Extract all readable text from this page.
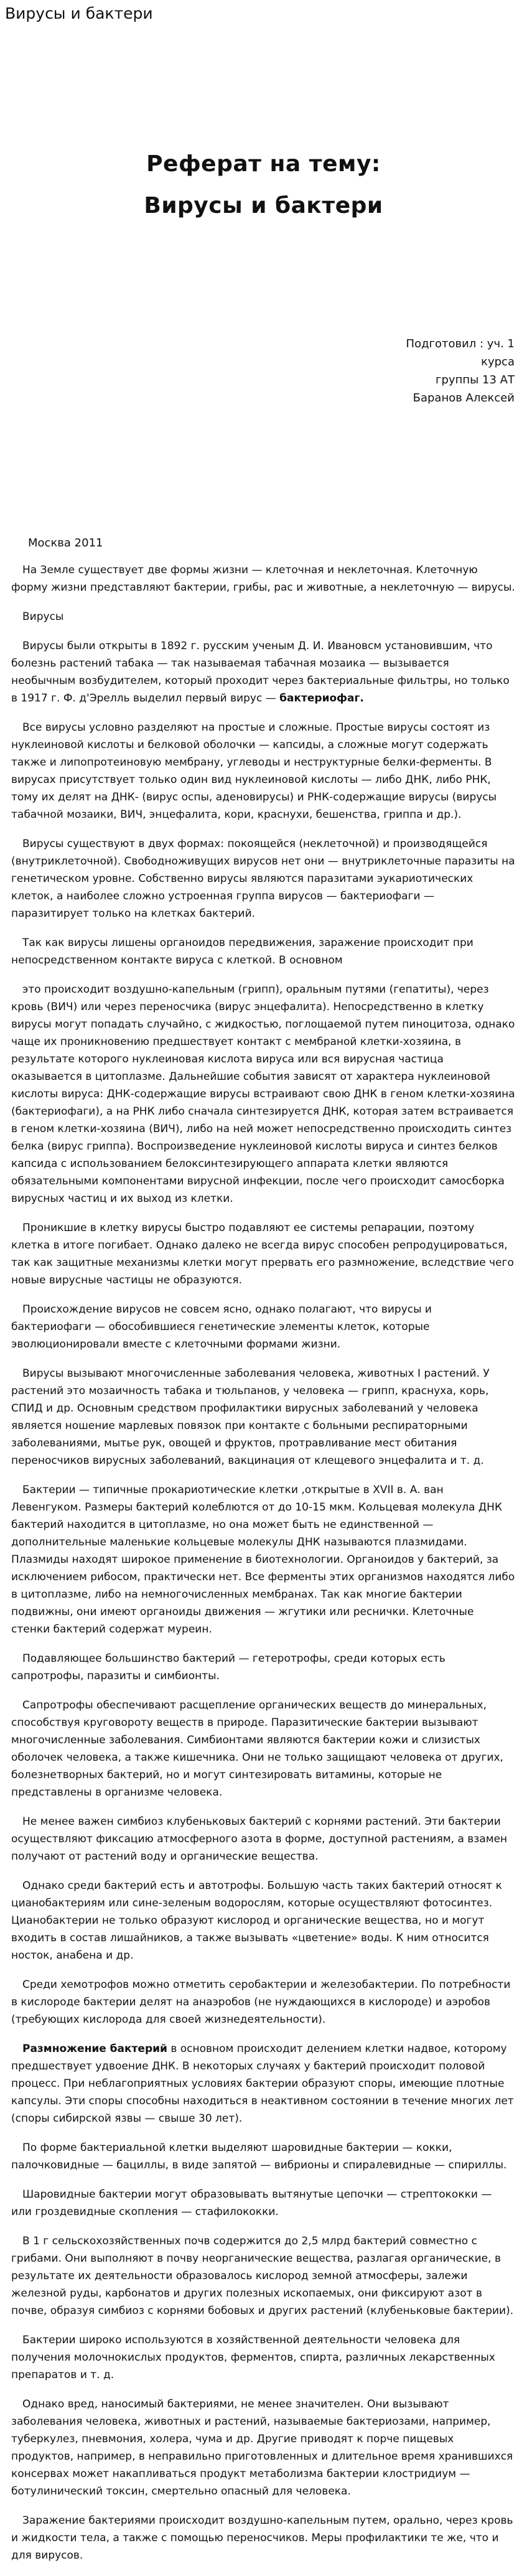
Вирусы и бактери
Реферат на тему:
Вирусы и бактери
Подготовил : уч. 1
курса
группы 13 АТ
Баранов Алексей
Москва 2011

На Земле существует две формы жизни — клеточная и неклеточная. Клеточную форму жизни представляют бактерии, грибы, рас и животные, а неклеточную — вирусы.

Вирусы

Вирусы были открыты в 1892 г. русским ученым Д. И. Ивановсм установившим, что болезнь растений табака — так называемая табачная мозаика — вызывается необычным возбудителем, который проходит через бактериальные фильтры, но только в 1917 г. Ф. д'Эрелль выделил первый вирус — бактериофаг.

Все вирусы условно разделяют на простые и сложные. Простые вирусы состоят из нуклеиновой кислоты и белковой оболочки — капсиды, а сложные могут содержать также и липопротеиновую мембрану, углеводы и неструктурные белки-ферменты. В вирусах присутствует только один вид нуклеиновой кислоты — либо ДНК, либо РНК, тому их делят на ДНК- (вирус оспы, аденовирусы) и РНК-содержащие вирусы (вирусы табачной мозаики, ВИЧ, энцефалита, кори, краснухи, бешенства, гриппа и др.).

Вирусы существуют в двух формах: покоящейся (неклеточной) и производящейся (внутриклеточной). Свободноживущих вирусов нет они — внутриклеточные паразиты на генетическом уровне. Собственно вирусы являются паразитами эукариотических клеток, а наиболее сложно устроенная группа вирусов — бактериофаги — паразитирует только на клетках бактерий.

Так как вирусы лишены органоидов передвижения, заражение происходит при непосредственном контакте вируса с клеткой. В основном

это происходит воздушно-капельным (грипп), оральным путями (гепатиты), через кровь (ВИЧ) или через переносчика (вирус энцефалита). Непосредственно в клетку вирусы могут попадать случайно, с жидкостью, поглощаемой путем пиноцитоза, однако чаще их проникновению предшествует контакт с мембраной клетки-хозяина, в результате которого нуклеиновая кислота вируса или вся вирусная частица оказывается в цитоплазме. Дальнейшие события зависят от характера нуклеиновой кислоты вируса: ДНК-содержащие вирусы встраивают свою ДНК в геном клетки-хозяина (бактериофаги), а на РНК либо сначала синтезируется ДНК, которая затем встраивается в геном клетки-хозяина (ВИЧ), либо на ней может непосредственно происходить синтез белка (вирус гриппа). Воспроизведение нуклеиновой кислоты вируса и синтез белков капсида с использованием белоксинтезирующего аппарата клетки являются обязательными компонентами вирусной инфекции, после чего происходит самосборка вирусных частиц и их выход из клетки.

Проникшие в клетку вирусы быстро подавляют ее системы репарации, поэтому клетка в итоге погибает. Однако далеко не всегда вирус способен репродуцироваться, так как защитные механизмы клетки могут прервать его размножение, вследствие чего новые вирусные частицы не образуются.

Происхождение вирусов не совсем ясно, однако полагают, что вирусы и бактериофаги — обособившиеся генетические элементы клеток, которые эволюционировали вместе с клеточными формами жизни.

Вирусы вызывают многочисленные заболевания человека, животных I растений. У растений это мозаичность табака и тюльпанов, у человека — грипп, краснуха, корь, СПИД и др. Основным средством профилактики вирусных заболеваний у человека является ношение марлевых повязок при контакте с больными респираторными заболеваниями, мытье рук, овощей и фруктов, протравливание мест обитания переносчиков вирусных заболеваний, вакцинация от клещевого энцефалита и т. д.

Бактерии — типичные прокариотические клетки ,открытые в XVII в. А. ван Левенгуком. Размеры бактерий колеблются от до 10-15 мкм. Кольцевая молекула ДНК бактерий находится в цитоплазме, но она может быть не единственной — дополнительные маленькие кольцевые молекулы ДНК называются плазмидами. Плазмиды находят широкое применение в биотехнологии. Органоидов у бактерий, за исключением рибосом, практически нет. Все ферменты этих организмов находятся либо в цитоплазме, либо на немногочисленных мембранах. Так как многие бактерии подвижны, они имеют органоиды движения — жгутики или реснички. Клеточные стенки бактерий содержат муреин.

Подавляющее большинство бактерий — гетеротрофы, среди которых есть сапротрофы, паразиты и симбионты.

Сапротрофы обеспечивают расщепление органических веществ до минеральных, способствуя круговороту веществ в природе. Паразитические бактерии вызывают многочисленные заболевания. Симбионтами являются бактерии кожи и слизистых оболочек человека, а также кишечника. Они не только защищают человека от других, болезнетворных бактерий, но и могут синтезировать витамины, которые не представлены в организме человека.

Не менее важен симбиоз клубеньковых бактерий с корнями растений. Эти бактерии осуществляют фиксацию атмосферного азота в форме, доступной растениям, а взамен получают от растений воду и органические вещества.

Однако среди бактерий есть и автотрофы. Большую часть таких бактерий относят к цианобактериям или сине-зеленым водорослям, которые осуществляют фотосинтез. Цианобактерии не только образуют кислород и органические вещества, но и могут входить в состав лишайников, а также вызывать «цветение» воды. К ним относится носток, анабена и др.

Среди хемотрофов можно отметить серобактерии и железобактерии. По потребности в кислороде бактерии делят на анаэробов (не нуждающихся в кислороде) и аэробов (требующих кислорода для своей жизнедеятельности).

Размножение бактерий в основном происходит делением клетки надвое, которому предшествует удвоение ДНК. В некоторых случаях у бактерий происходит половой процесс. При неблагоприятных условиях бактерии образуют споры, имеющие плотные капсулы. Эти споры способны находиться в неактивном состоянии в течение многих лет (споры сибирской язвы — свыше 30 лет).

По форме бактериальной клетки выделяют шаровидные бактерии — кокки, палочковидные — бациллы, в виде запятой — вибрионы и спиралевидные — спириллы.

Шаровидные бактерии могут образовывать вытянутые цепочки — стрептококки — или гроздевидные скопления — стафилококки.

В 1 г сельскохозяйственных почв содержится до 2,5 млрд бактерий совместно с грибами. Они выполняют в почву неорганические вещества, разлагая органические, в результате их деятельности образовалось кислород земной атмосферы, залежи железной руды, карбонатов и других полезных ископаемых, они фиксируют азот в почве, образуя симбиоз с корнями бобовых и других растений (клубеньковые бактерии).

Бактерии широко используются в хозяйственной деятельности человека для получения молочнокислых продуктов, ферментов, спирта, различных лекарственных препаратов и т. д.

Однако вред, наносимый бактериями, не менее значителен. Они вызывают заболевания человека, животных и растений, называемые бактериозами, например, туберкулез, пневмония, холера, чума и др. Другие приводят к порче пищевых продуктов, например, в неправильно приготовленных и длительное время хранившихся консервах может накапливаться продукт метаболизма бактерии клостридиум — ботулинический токсин, смертельно опасный для человека.

Заражение бактериями происходит воздушно-капельным путем, орально, через кровь и жидкости тела, а также с помощью переносчиков. Меры профилактики те же, что и для вирусов.
